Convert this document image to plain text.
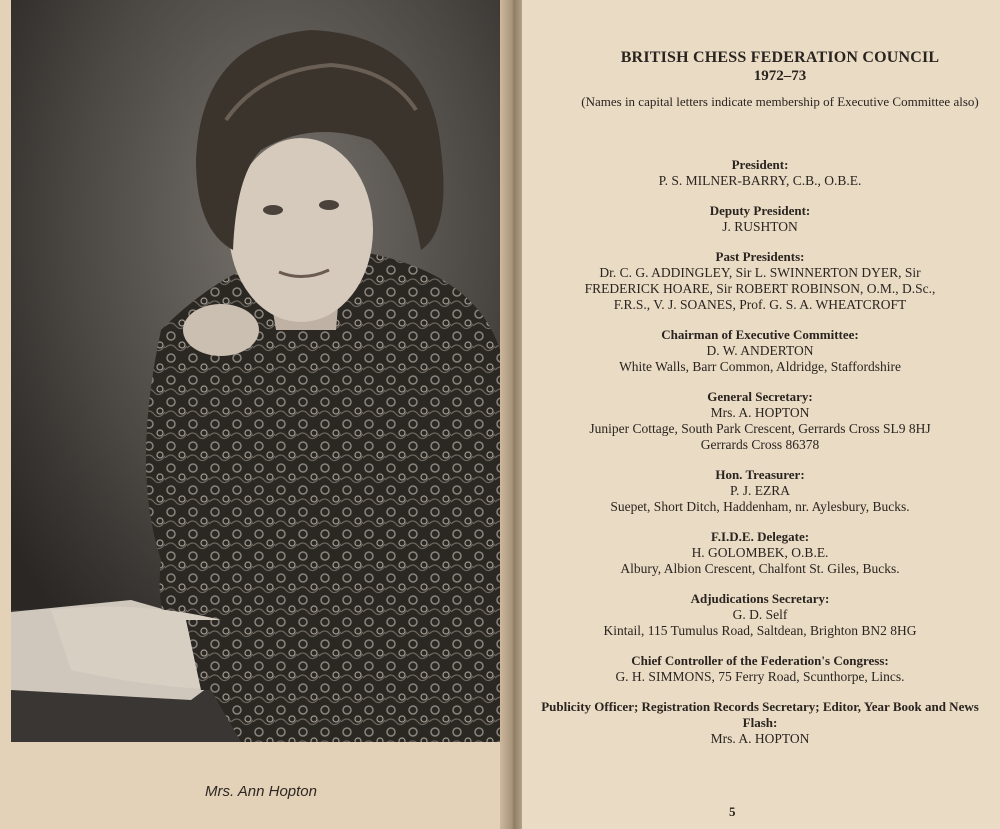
Mrs. Ann Hopton
BRITISH CHESS FEDERATION COUNCIL
1972–73
(Names in capital letters indicate membership of Executive Committee also)
President:
P. S. MILNER-BARRY, C.B., O.B.E.
Deputy President:
J. RUSHTON
Past Presidents:
Dr. C. G. ADDINGLEY, Sir L. SWINNERTON DYER, Sir
FREDERICK HOARE, Sir ROBERT ROBINSON, O.M., D.Sc.,
F.R.S., V. J. SOANES, Prof. G. S. A. WHEATCROFT
Chairman of Executive Committee:
D. W. ANDERTON
White Walls, Barr Common, Aldridge, Staffordshire
General Secretary:
Mrs. A. HOPTON
Juniper Cottage, South Park Crescent, Gerrards Cross SL9 8HJ
Gerrards Cross 86378
Hon. Treasurer:
P. J. EZRA
Suepet, Short Ditch, Haddenham, nr. Aylesbury, Bucks.
F.I.D.E. Delegate:
H. GOLOMBEK, O.B.E.
Albury, Albion Crescent, Chalfont St. Giles, Bucks.
Adjudications Secretary:
G. D. Self
Kintail, 115 Tumulus Road, Saltdean, Brighton BN2 8HG
Chief Controller of the Federation's Congress:
G. H. SIMMONS, 75 Ferry Road, Scunthorpe, Lincs.
Publicity Officer; Registration Records Secretary; Editor, Year Book and News Flash:
Mrs. A. HOPTON
5
